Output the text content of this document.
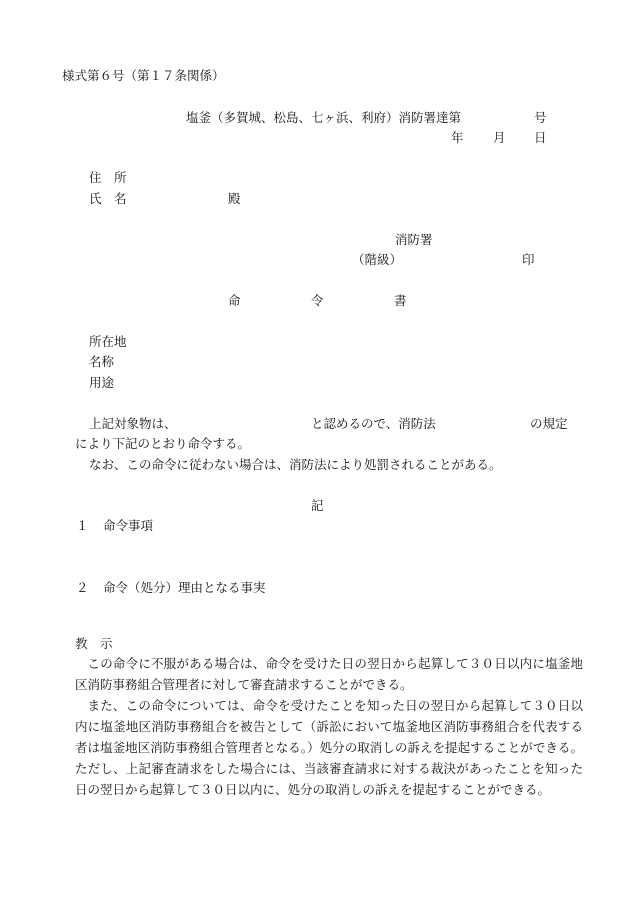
様式第６号（第１７条関係）
塩釜（多賀城、松島、七ヶ浜、利府）消防署達第	号
年 月 日
住　所
氏　名	殿
消防署
（階級）	印
命	令	書
所在地
名称
用途
上記対象物は、	と認めるので、消防法	の規定
により下記のとおり命令する。
なお、この命令に従わない場合は、消防法により処罰されることがある。
記
１ 命令事項
２ 命令（処分）理由となる事実
教　示

この命令に不服がある場合は、命令を受けた日の翌日から起算して３０日以内に塩釜地区消防事務組合管理者に対して審査請求することができる。

また、この命令については、命令を受けたことを知った日の翌日から起算して３０日以内に塩釜地区消防事務組合を被告として（訴訟において塩釜地区消防事務組合を代表する者は塩釜地区消防事務組合管理者となる。）処分の取消しの訴えを提起することができる。ただし、上記審査請求をした場合には、当該審査請求に対する裁決があったことを知った日の翌日から起算して３０日以内に、処分の取消しの訴えを提起することができる。
